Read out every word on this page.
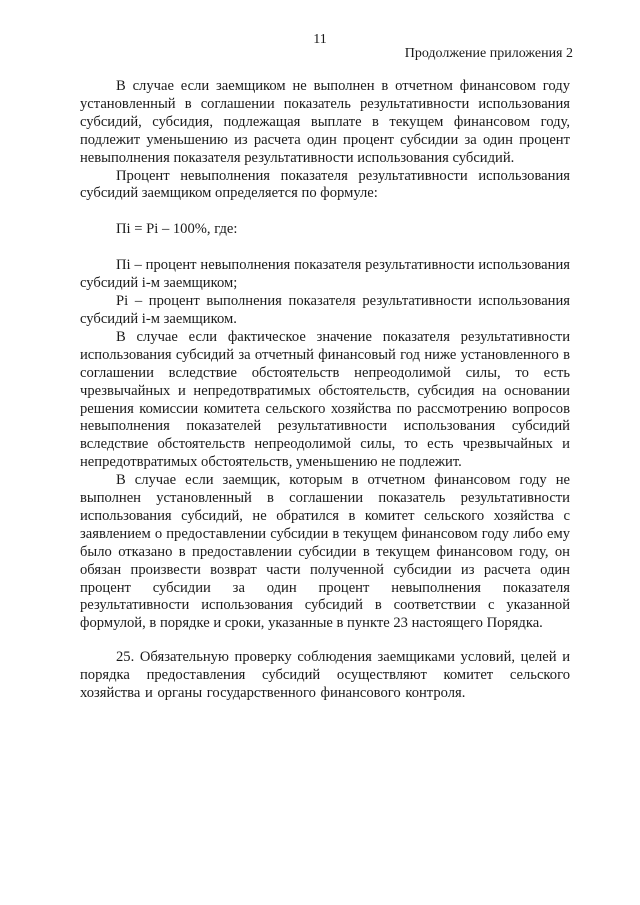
11
Продолжение приложения 2

В случае если заемщиком не выполнен в отчетном финансовом году установленный в соглашении показатель результативности использования субсидий, субсидия, подлежащая выплате в текущем финансовом году, подлежит уменьшению из расчета один процент субсидии за один процент невыполнения показателя результативности использования субсидий.

Процент невыполнения показателя результативности использования субсидий заемщиком определяется по формуле:

Пi = Рi – 100%, где:

Пi – процент невыполнения показателя результативности использования субсидий i-м заемщиком;

Рi – процент выполнения показателя результативности использования субсидий i-м заемщиком.

В случае если фактическое значение показателя результативности использования субсидий за отчетный финансовый год ниже установленного в соглашении вследствие обстоятельств непреодолимой силы, то есть чрезвычайных и непредотвратимых обстоятельств, субсидия на основании решения комиссии комитета сельского хозяйства по рассмотрению вопросов невыполнения показателей результативности использования субсидий вследствие обстоятельств непреодолимой силы, то есть чрезвычайных и непредотвратимых обстоятельств, уменьшению не подлежит.

В случае если заемщик, которым в отчетном финансовом году не выполнен установленный в соглашении показатель результативности использования субсидий, не обратился в комитет сельского хозяйства с заявлением о предоставлении субсидии в текущем финансовом году либо ему было отказано в предоставлении субсидии в текущем финансовом году, он обязан произвести возврат части полученной субсидии из расчета один процент субсидии за один процент невыполнения показателя результативности использования субсидий в соответствии с указанной формулой, в порядке и сроки, указанные в пункте 23 настоящего Порядка.

25. Обязательную проверку соблюдения заемщиками условий, целей и порядка предоставления субсидий осуществляют комитет сельского хозяйства и органы государственного финансового контроля.
